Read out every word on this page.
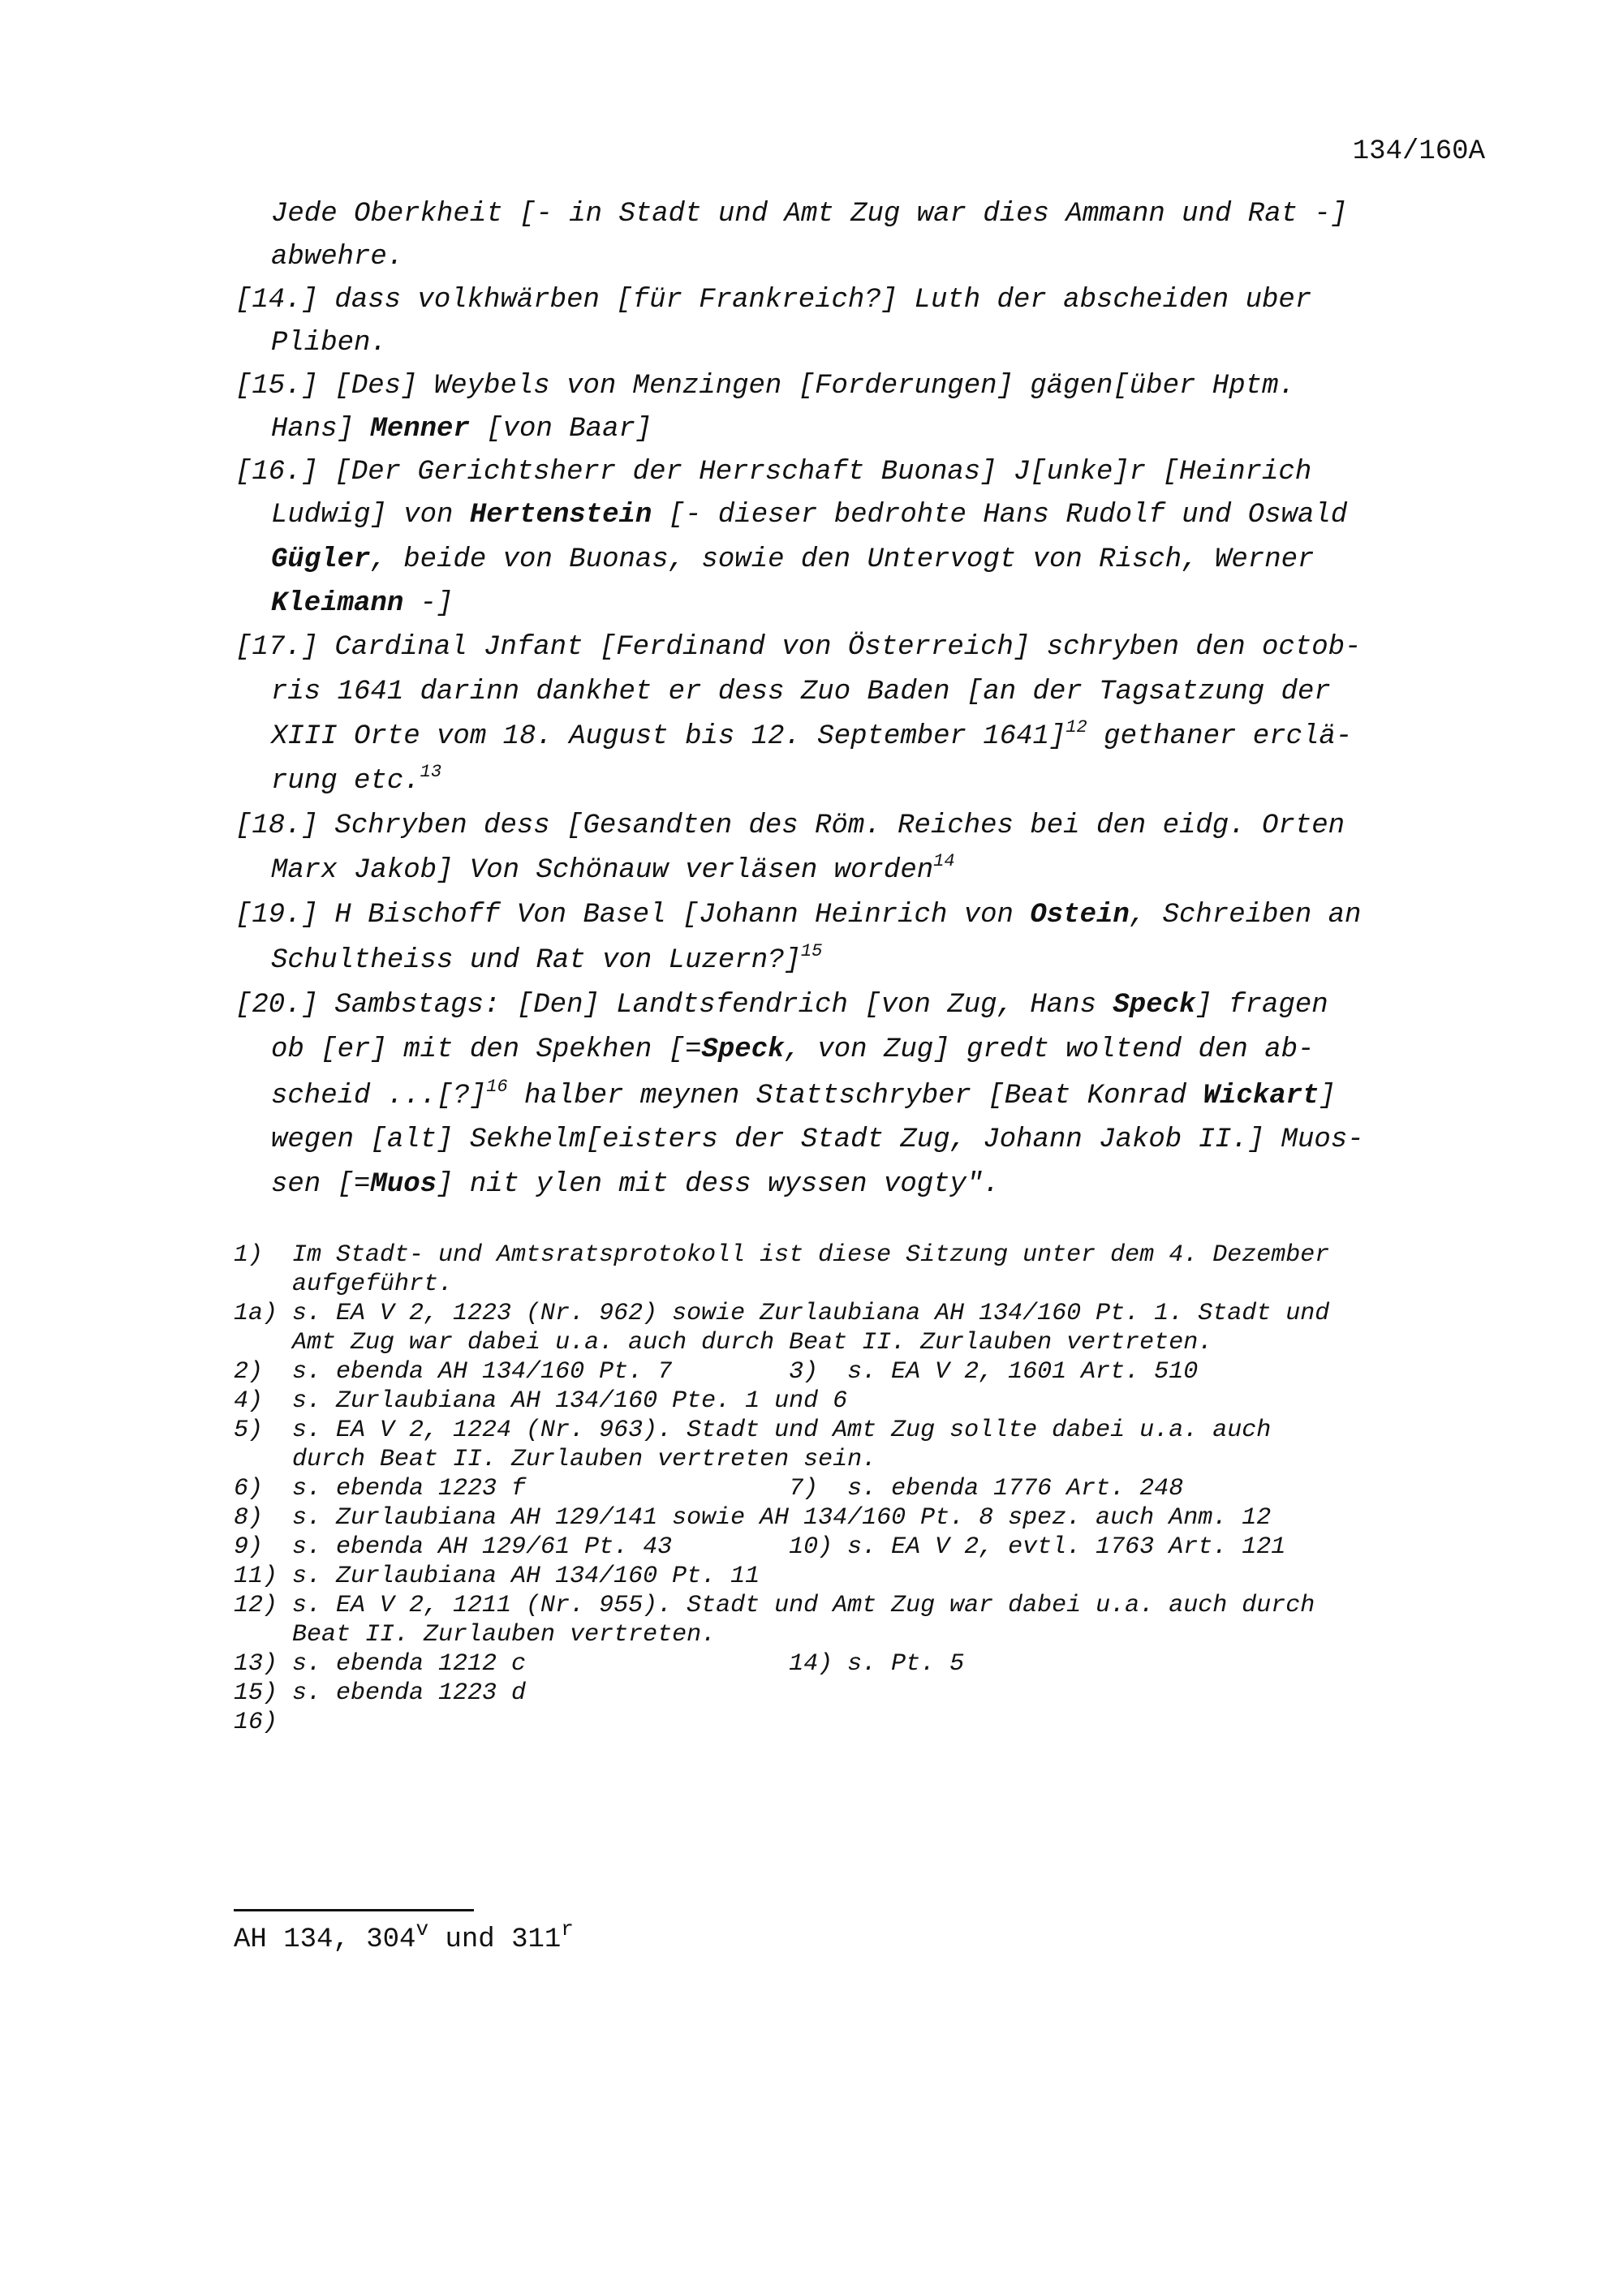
134/160A
Jede Oberkheit [- in Stadt und Amt Zug war dies Ammann und Rat -]
abwehre.
[14.] dass volkhwärben [für Frankreich?] Luth der abscheiden uber
Pliben.
[15.] [Des] Weybels von Menzingen [Forderungen] gägen[über Hptm.
Hans] Menner [von Baar]
[16.] [Der Gerichtsherr der Herrschaft Buonas] J[unke]r [Heinrich
Ludwig] von Hertenstein [- dieser bedrohte Hans Rudolf und Oswald
Gügler, beide von Buonas, sowie den Untervogt von Risch, Werner
Kleimann -]
[17.] Cardinal Jnfant [Ferdinand von Österreich] schryben den octob-
ris 1641 darinn dankhet er dess Zuo Baden [an der Tagsatzung der
XIII Orte vom 18. August bis 12. September 1641]$^{12}$ gethaner erclä-
rung etc.$^{13}$
[18.] Schryben dess [Gesandten des Röm. Reiches bei den eidg. Orten
Marx Jakob] Von Schönauw verläsen worden$^{14}$
[19.] H Bischoff Von Basel [Johann Heinrich von Ostein, Schreiben an
Schultheiss und Rat von Luzern?]$^{15}$
[20.] Sambstags: [Den] Landtsfendrich [von Zug, Hans Speck] fragen
ob [er] mit den Spekhen [=Speck, von Zug] gredt woltend den ab-
scheid ...[?]$^{16}$ halber meynen Stattschryber [Beat Konrad Wickart]
wegen [alt] Sekhelm[eisters der Stadt Zug, Johann Jakob II.] Muos-
sen [=Muos] nit ylen mit dess wyssen vogty".
1)  Im Stadt- und Amtsratsprotokoll ist diese Sitzung unter dem 4. Dezember
aufgeführt.
1a) s. EA V 2, 1223 (Nr. 962) sowie Zurlaubiana AH 134/160 Pt. 1. Stadt und
Amt Zug war dabei u.a. auch durch Beat II. Zurlauben vertreten.
2)  s. ebenda AH 134/160 Pt. 7        3)  s. EA V 2, 1601 Art. 510
4)  s. Zurlaubiana AH 134/160 Pte. 1 und 6
5)  s. EA V 2, 1224 (Nr. 963). Stadt und Amt Zug sollte dabei u.a. auch
durch Beat II. Zurlauben vertreten sein.
6)  s. ebenda 1223 f                  7)  s. ebenda 1776 Art. 248
8)  s. Zurlaubiana AH 129/141 sowie AH 134/160 Pt. 8 spez. auch Anm. 12
9)  s. ebenda AH 129/61 Pt. 43        10) s. EA V 2, evtl. 1763 Art. 121
11) s. Zurlaubiana AH 134/160 Pt. 11
12) s. EA V 2, 1211 (Nr. 955). Stadt und Amt Zug war dabei u.a. auch durch
Beat II. Zurlauben vertreten.
13) s. ebenda 1212 c                  14) s. Pt. 5
15) s. ebenda 1223 d
16)
AH 134, 304$^v$ und 311$^r$
